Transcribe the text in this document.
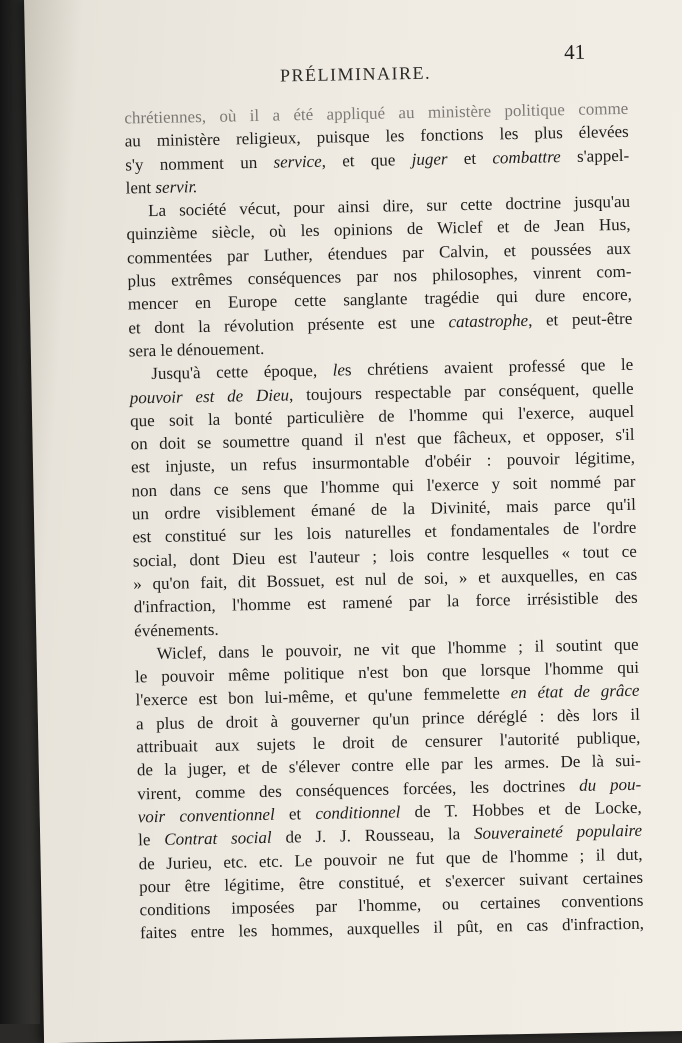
41
PRÉLIMINAIRE.
chrétiennes, où il a été appliqué au ministère politique comme
au ministère religieux, puisque les fonctions les plus élevées
s'y nomment un service, et que juger et combattre s'appel-
lent servir.
La société vécut, pour ainsi dire, sur cette doctrine jusqu'au
quinzième siècle, où les opinions de Wiclef et de Jean Hus,
commentées par Luther, étendues par Calvin, et poussées aux
plus extrêmes conséquences par nos philosophes, vinrent com-
mencer en Europe cette sanglante tragédie qui dure encore,
et dont la révolution présente est une catastrophe, et peut-être
sera le dénouement.
Jusqu'à cette époque, les chrétiens avaient professé que le
pouvoir est de Dieu, toujours respectable par conséquent, quelle
que soit la bonté particulière de l'homme qui l'exerce, auquel
on doit se soumettre quand il n'est que fâcheux, et opposer, s'il
est injuste, un refus insurmontable d'obéir : pouvoir légitime,
non dans ce sens que l'homme qui l'exerce y soit nommé par
un ordre visiblement émané de la Divinité, mais parce qu'il
est constitué sur les lois naturelles et fondamentales de l'ordre
social, dont Dieu est l'auteur ; lois contre lesquelles « tout ce
» qu'on fait, dit Bossuet, est nul de soi, » et auxquelles, en cas
d'infraction, l'homme est ramené par la force irrésistible des
événements.
Wiclef, dans le pouvoir, ne vit que l'homme ; il soutint que
le pouvoir même politique n'est bon que lorsque l'homme qui
l'exerce est bon lui-même, et qu'une femmelette en état de grâce
a plus de droit à gouverner qu'un prince déréglé : dès lors il
attribuait aux sujets le droit de censurer l'autorité publique,
de la juger, et de s'élever contre elle par les armes. De là sui-
virent, comme des conséquences forcées, les doctrines du pou-
voir conventionnel et conditionnel de T. Hobbes et de Locke,
le Contrat social de J. J. Rousseau, la Souveraineté populaire
de Jurieu, etc. etc. Le pouvoir ne fut que de l'homme ; il dut,
pour être légitime, être constitué, et s'exercer suivant certaines
conditions imposées par l'homme, ou certaines conventions
faites entre les hommes, auxquelles il pût, en cas d'infraction,
